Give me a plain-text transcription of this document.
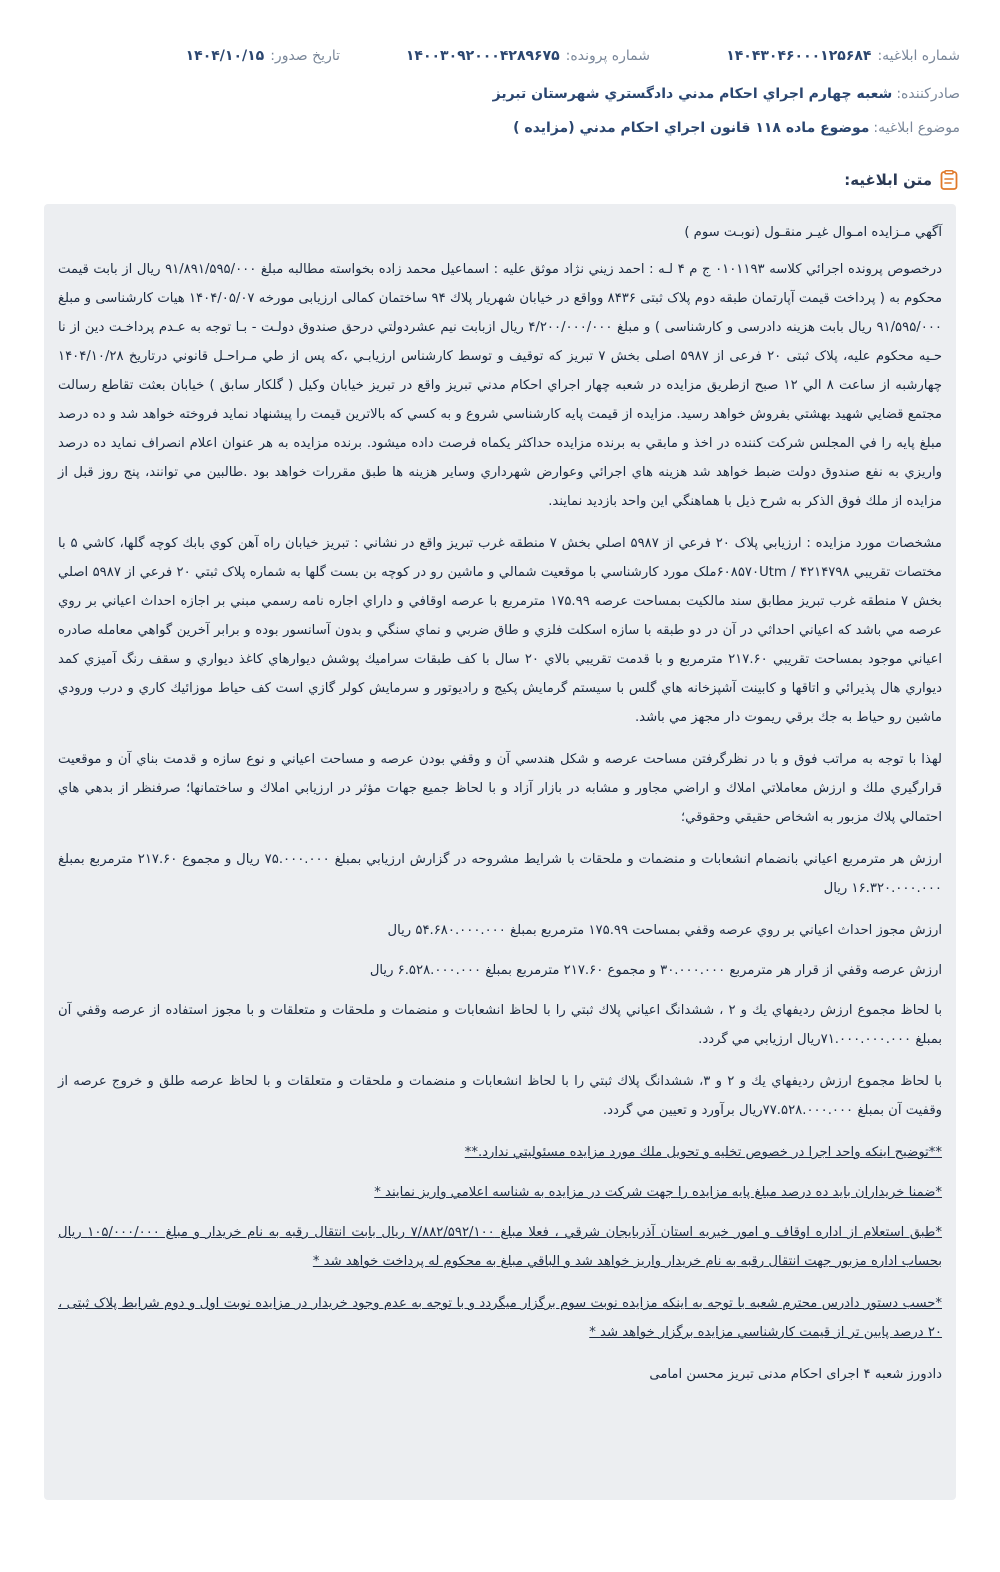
شماره ابلاغیه:۱۴۰۴۳۰۴۶۰۰۰۱۲۵۶۸۴
شماره پرونده:۱۴۰۰۳۰۹۲۰۰۰۴۲۸۹۶۷۵
تاریخ صدور:۱۴۰۴/۱۰/۱۵
صادرکننده:شعبه چهارم اجراي احكام مدني دادگستري شهرستان تبريز
موضوع ابلاغیه:موضوع ماده ۱۱۸ قانون اجراي احكام مدني (مزايده )
متن ابلاغیه:

آگهي مـزايده امـوال غيـر منقـول (نوبـت سوم )

درخصوص پرونده اجرائي كلاسه ۰۱۰۱۱۹۳ ج م ۴ لـه : احمد زيني نژاد موثق عليه : اسماعيل محمد زاده بخواسته مطالبه مبلغ ۹۱/۸۹۱/۵۹۵/۰۰۰ ريال از بابت قيمت محكوم به ( پرداخت قيمت آپارتمان طبقه دوم پلاک ثبتی ۸۴۳۶ وواقع در خيابان شهريار پلاك ۹۴ ساختمان كمالی ارزيابی مورخه ۱۴۰۴/۰۵/۰۷ هيات كارشناسی و مبلغ ۹۱/۵۹۵/۰۰۰ ريال بابت هزينه دادرسی و كارشناسی ) و مبلغ ۴/۲۰۰/۰۰۰/۰۰۰ ريال ازبابت نيم عشردولتي درحق صندوق دولـت - بـا توجه به عـدم پرداخـت دين از نا حـيه محكوم عليه، پلاک ثبتی ۲۰ فرعی از ۵۹۸۷ اصلی بخش ۷ تبريز كه توقيف و توسط كارشناس ارزيابـي ،كه پس از طي مـراحـل قانوني درتاريخ ۱۴۰۴/۱۰/۲۸ چهارشبه از ساعت ۸ الي ۱۲ صبح ازطريق مزايده در شعبه چهار اجراي احكام مدني تبريز واقع در تبريز خيابان وكيل ( گلكار سابق ) خيابان بعثت تقاطع رسالت مجتمع قضايي شهيد بهشتي بفروش خواهد رسيد. مزايده از قيمت پايه كارشناسي شروع و به كسي كه بالاترين قيمت را پيشنهاد نمايد فروخته خواهد شد و ده درصد مبلغ پايه را في المجلس شركت كننده در اخذ و مابقي به برنده مزايده حداكثر يكماه فرصت داده ميشود. برنده مزايده به هر عنوان اعلام انصراف نمايد ده درصد واريزي به نفع صندوق دولت ضبط خواهد شد هزينه هاي اجرائي وعوارض شهرداري وساير هزينه ها طبق مقررات خواهد بود .طالبين مي توانند، پنج روز قبل از مزايده از ملك فوق الذكر به شرح ذيل با هماهنگي اين واحد بازديد نمايند.

مشخصات مورد مزايده : ارزيابي پلاک ۲۰ فرعي از ۵۹۸۷ اصلي بخش ۷ منطقه غرب تبريز واقع در نشاني : تبريز خيابان راه آهن كوي بابك كوچه گلها، كاشي ۵ با مختصات تقريبي ۴۲۱۴۷۹۸ / ۶۰۸۵۷۰Utmملک مورد کارشناسي با موقعيت شمالي و ماشين رو در کوچه بن بست گلها به شماره پلاک ثبتي ۲۰ فرعي از ۵۹۸۷ اصلي بخش ۷ منطقه غرب تبريز مطابق سند مالكيت بمساحت عرصه ۱۷۵.۹۹ مترمربع با عرصه اوقافي و داراي اجاره نامه رسمي مبني بر اجازه احداث اعياني بر روي عرصه مي باشد كه اعياني احداثي در آن در دو طبقه با سازه اسكلت فلزي و طاق ضربي و نماي سنگي و بدون آسانسور بوده و برابر آخرين گواهي معامله صادره اعياني موجود بمساحت تقريبي ۲۱۷.۶۰ مترمربع و با قدمت تقريبي بالاي ۲۰ سال با كف طبقات سراميك پوشش ديوارهاي كاغذ ديواري و سقف رنگ آميزي كمد ديواري هال پذيرائي و اتاقها و كابينت آشپزخانه هاي گلس با سيستم گرمايش پكيج و راديوتور و سرمايش كولر گازي است كف حياط موزائيك كاري و درب ورودي ماشين رو حياط به جك برقي ريموت دار مجهز مي باشد.

لهذا با توجه به مراتب فوق و با در نظرگرفتن مساحت عرصه و شكل هندسي آن و وقفي بودن عرصه و مساحت اعياني و نوع سازه و قدمت بناي آن و موقعيت قرارگيري ملك و ارزش معاملاتي املاك و اراضي مجاور و مشابه در بازار آزاد و با لحاظ جميع جهات مؤثر در ارزيابي املاك و ساختمانها؛ صرفنظر از بدهي هاي احتمالي پلاك مزبور به اشخاص حقيقي وحقوقي؛

ارزش هر مترمربع اعياني بانضمام انشعابات و منضمات و ملحقات با شرايط مشروحه در گزارش ارزيابي بمبلغ ۷۵.۰۰۰.۰۰۰ ريال و مجموع ۲۱۷.۶۰ مترمربع بمبلغ ۱۶.۳۲۰.۰۰۰.۰۰۰ ريال

ارزش مجوز احداث اعياني بر روي عرصه وقفي بمساحت ۱۷۵.۹۹ مترمربع بمبلغ ۵۴.۶۸۰.۰۰۰.۰۰۰ ريال

ارزش عرصه وقفي از قرار هر مترمربع ۳۰.۰۰۰.۰۰۰ و مجموع ۲۱۷.۶۰ مترمربع بمبلغ ۶.۵۲۸.۰۰۰.۰۰۰ ريال

با لحاظ مجموع ارزش رديفهاي يك و ۲ ، ششدانگ اعياني پلاك ثبتي را با لحاظ انشعابات و منضمات و ملحقات و متعلقات و با مجوز استفاده از عرصه وقفي آن بمبلغ ۷۱.۰۰۰.۰۰۰.۰۰۰ريال ارزيابي مي گردد.

با لحاظ مجموع ارزش رديفهاي يك و ۲ و ۳، ششدانگ پلاك ثبتي را با لحاظ انشعابات و منضمات و ملحقات و متعلقات و با لحاظ عرصه طلق و خروج عرصه از وقفيت آن بمبلغ ۷۷.۵۲۸.۰۰۰.۰۰۰ريال برآورد و تعيين مي گردد.

**توضيح اينكه واحد اجرا در خصوص تخليه و تحويل ملك مورد مزايده مسئوليتي ندارد.**

*ضمنا خريداران بايد ده درصد مبلغ پايه مزايده را جهت شركت در مزايده به شناسه اعلامي واريز نمايند *

*طبق استعلام از اداره اوقاف و امور خيريه استان آذربايجان شرقي ، فعلا مبلغ ۷/۸۸۲/۵۹۲/۱۰۰ ريال بابت انتقال رقبه به نام خريدار و مبلغ ۱۰۵/۰۰۰/۰۰۰ ريال بحساب اداره مزبور جهت انتقال رقبه به نام خريدار واريز خواهد شد و الباقي مبلغ به محكوم له پرداخت خواهد شد *

*حسب دستور دادرس محترم شعبه با توجه به اينكه مزايده نوبت سوم برگزار ميگردد و با توجه به عدم وجود خريدار در مزايده نوبت اول و دوم شرايط پلاک ثبتی ، ۲۰ درصد پايين تر از قيمت كارشناسي مزايده برگزار خواهد شد *

دادورز شعبه ۴ اجرای احکام مدنی تبریز محسن امامی
